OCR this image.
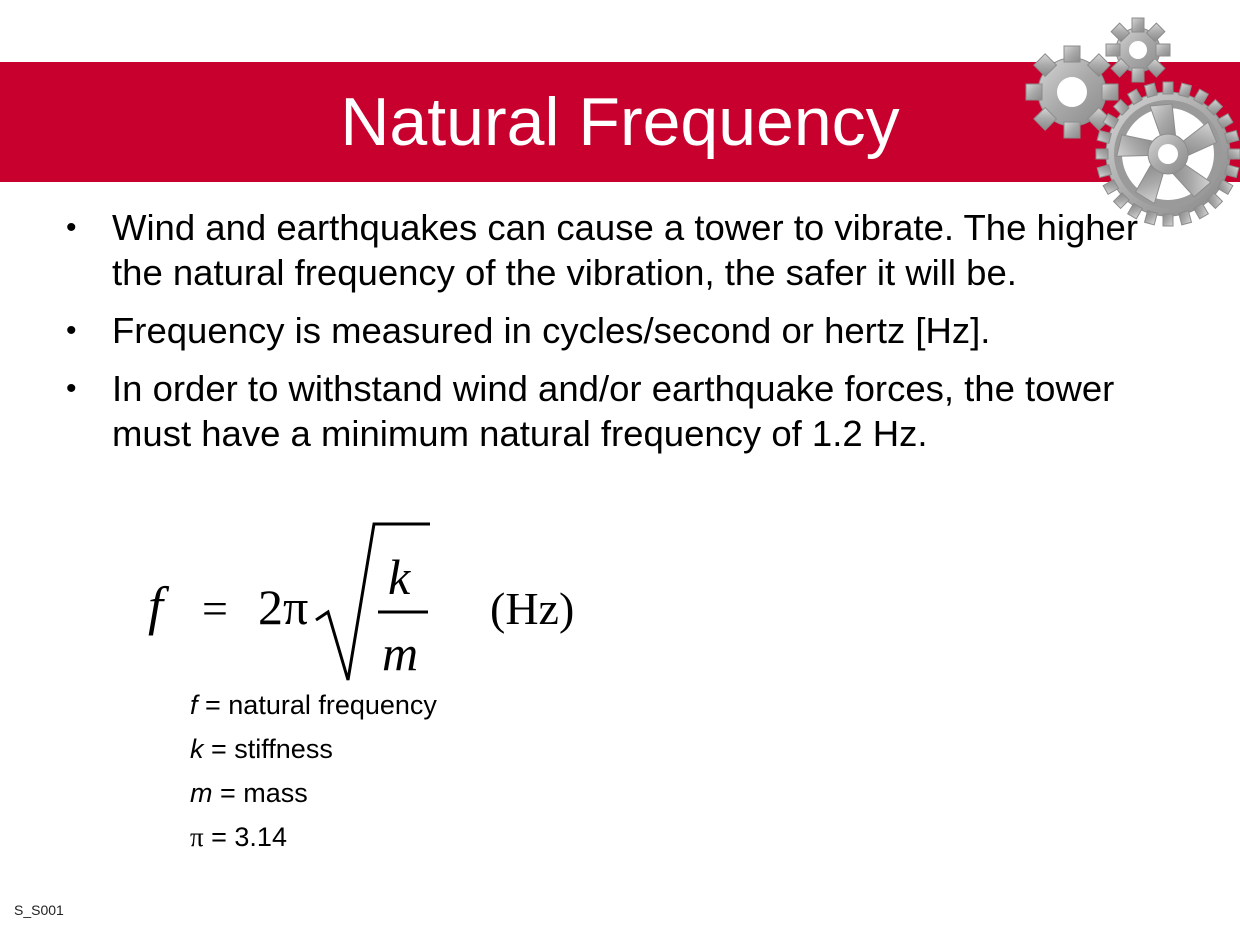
Natural Frequency
• Wind and earthquakes can cause a tower to vibrate. The higher the natural frequency of the vibration, the safer it will be.
• Frequency is measured in cycles/second or hertz [Hz].
• In order to withstand wind and/or earthquake forces, the tower must have a minimum natural frequency of 1.2 Hz.
f = 2π
k
m
(Hz)
f = natural frequency
k = stiffness
m = mass
π = 3.14
S_S001
